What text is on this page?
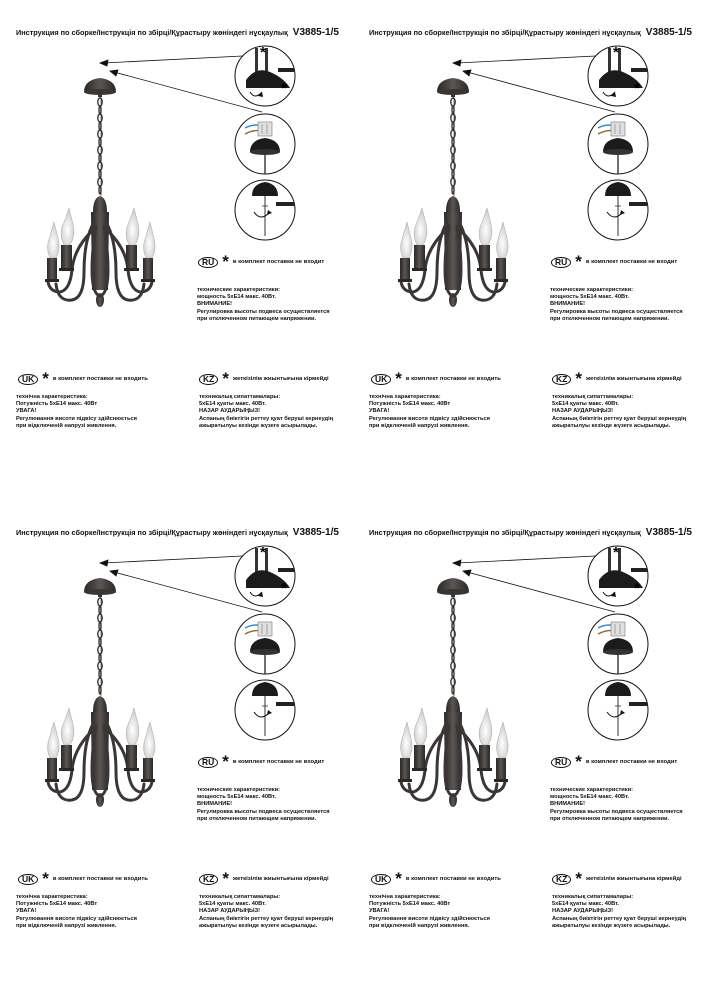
Инструкция по сборке/Інструкція по збірці/Құрастыру жөніндегі нұсқаулық V3885-1/5
*
*
RU * в комплект поставки не входит
технические характеристики:
мощность 5хЕ14 макс. 40Вт.
ВНИМАНИЕ!
Регулировка высоты подвеса осуществляется
при отключенном питающем напряжении.
UK * в комплект поставки не входить
технічна характеристика:
Потужність 5хЕ14 макс. 40Вт
УВАГА!
Регулювання висоти підвісу здійснюється
при відключеній напрузі живлення.
KZ * жеткізілім жиынтығына кірмейді
техникалық сипаттамалары:
5хЕ14 қуаты макс. 40Вт.
НАЗАР АУДАРЫҢЫЗ!
Аспаның биіктігін реттеу қуат беруші кернеудің
ажыратылуы кезінде жүзеге асырылады.
Инструкция по сборке/Інструкція по збірці/Құрастыру жөніндегі нұсқаулық V3885-1/5
*
*
RU * в комплект поставки не входит
технические характеристики:
мощность 5хЕ14 макс. 40Вт.
ВНИМАНИЕ!
Регулировка высоты подвеса осуществляется
при отключенном питающем напряжении.
UK * в комплект поставки не входить
технічна характеристика:
Потужність 5хЕ14 макс. 40Вт
УВАГА!
Регулювання висоти підвісу здійснюється
при відключеній напрузі живлення.
KZ * жеткізілім жиынтығына кірмейді
техникалық сипаттамалары:
5хЕ14 қуаты макс. 40Вт.
НАЗАР АУДАРЫҢЫЗ!
Аспаның биіктігін реттеу қуат беруші кернеудің
ажыратылуы кезінде жүзеге асырылады.
Инструкция по сборке/Інструкція по збірці/Құрастыру жөніндегі нұсқаулық V3885-1/5
*
*
RU * в комплект поставки не входит
технические характеристики:
мощность 5хЕ14 макс. 40Вт.
ВНИМАНИЕ!
Регулировка высоты подвеса осуществляется
при отключенном питающем напряжении.
UK * в комплект поставки не входить
технічна характеристика:
Потужність 5хЕ14 макс. 40Вт
УВАГА!
Регулювання висоти підвісу здійснюється
при відключеній напрузі живлення.
KZ * жеткізілім жиынтығына кірмейді
техникалық сипаттамалары:
5хЕ14 қуаты макс. 40Вт.
НАЗАР АУДАРЫҢЫЗ!
Аспаның биіктігін реттеу қуат беруші кернеудің
ажыратылуы кезінде жүзеге асырылады.
Инструкция по сборке/Інструкція по збірці/Құрастыру жөніндегі нұсқаулық V3885-1/5
*
*
RU * в комплект поставки не входит
технические характеристики:
мощность 5хЕ14 макс. 40Вт.
ВНИМАНИЕ!
Регулировка высоты подвеса осуществляется
при отключенном питающем напряжении.
UK * в комплект поставки не входить
технічна характеристика:
Потужність 5хЕ14 макс. 40Вт
УВАГА!
Регулювання висоти підвісу здійснюється
при відключеній напрузі живлення.
KZ * жеткізілім жиынтығына кірмейді
техникалық сипаттамалары:
5хЕ14 қуаты макс. 40Вт.
НАЗАР АУДАРЫҢЫЗ!
Аспаның биіктігін реттеу қуат беруші кернеудің
ажыратылуы кезінде жүзеге асырылады.
